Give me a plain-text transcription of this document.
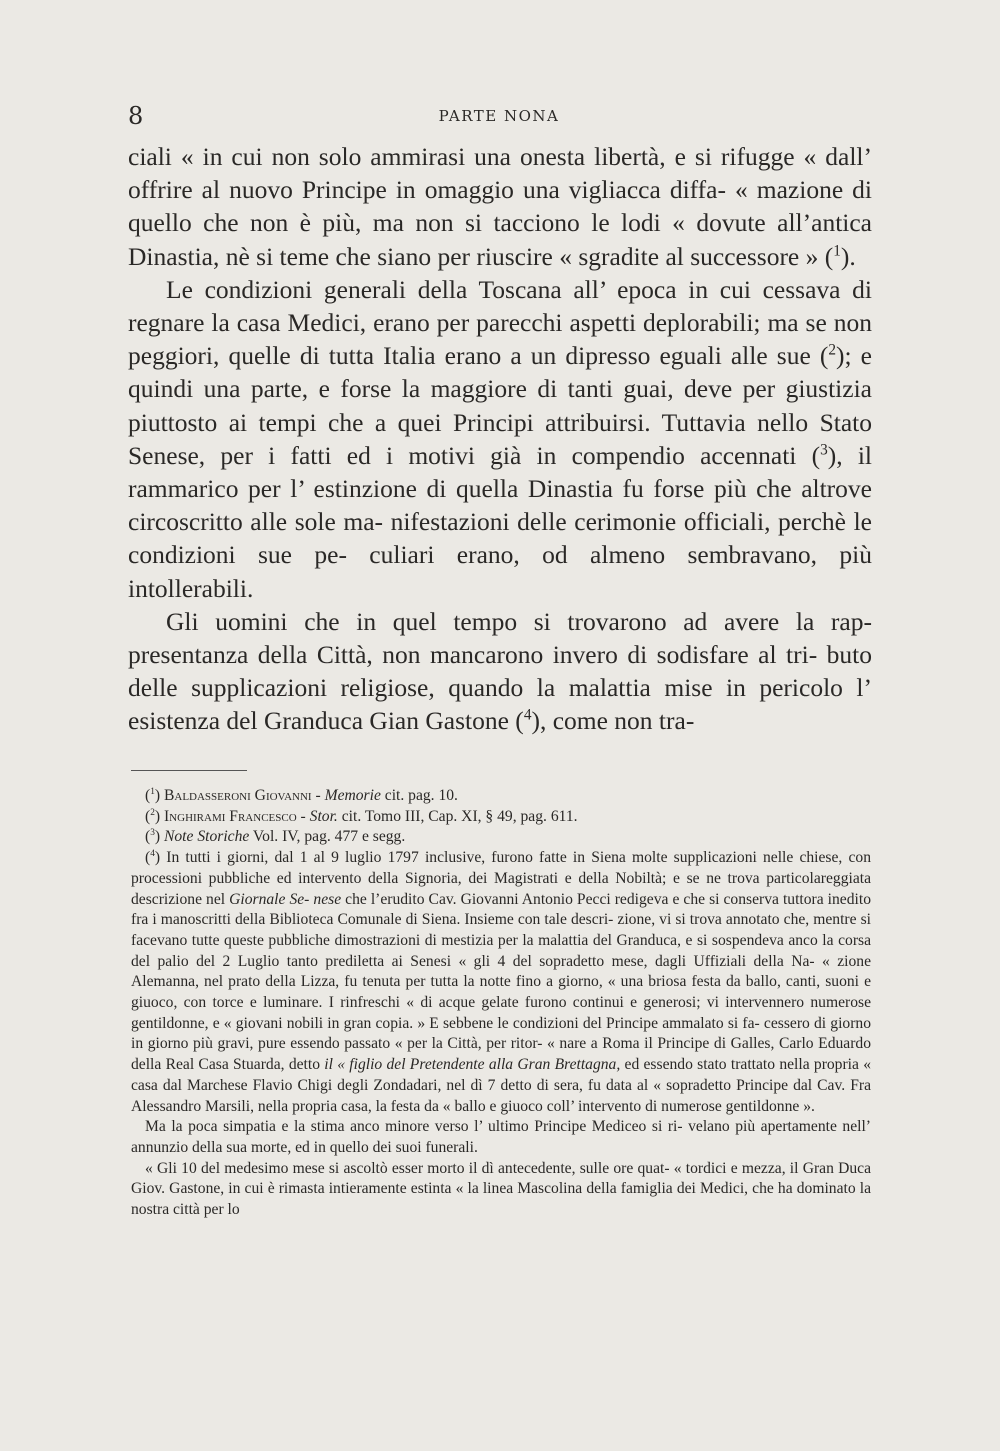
8	PARTE NONA

ciali « in cui non solo ammirasi una onesta libertà, e si rifugge « dall’ offrire al nuovo Principe in omaggio una vigliacca diffa- « mazione di quello che non è più, ma non si tacciono le lodi « dovute all’antica Dinastia, nè si teme che siano per riuscire « sgradite al successore » ($^1$).

Le condizioni generali della Toscana all’ epoca in cui cessava di regnare la casa Medici, erano per parecchi aspetti deplorabili; ma se non peggiori, quelle di tutta Italia erano a un dipresso eguali alle sue ($^2$); e quindi una parte, e forse la maggiore di tanti guai, deve per giustizia piuttosto ai tempi che a quei Principi attribuirsi. Tuttavia nello Stato Senese, per i fatti ed i motivi già in compendio accennati ($^3$), il rammarico per l’ estinzione di quella Dinastia fu forse più che altrove circoscritto alle sole ma- nifestazioni delle cerimonie officiali, perchè le condizioni sue pe- culiari erano, od almeno sembravano, più intollerabili.

Gli uomini che in quel tempo si trovarono ad avere la rap- presentanza della Città, non mancarono invero di sodisfare al tri- buto delle supplicazioni religiose, quando la malattia mise in pericolo l’ esistenza del Granduca Gian Gastone ($^4$), come non tra-

($^1$) Baldasseroni Giovanni - Memorie cit. pag. 10.

($^2$) Inghirami Francesco - Stor. cit. Tomo III, Cap. XI, § 49, pag. 611.

($^3$) Note Storiche Vol. IV, pag. 477 e segg.

($^4$) In tutti i giorni, dal 1 al 9 luglio 1797 inclusive, furono fatte in Siena molte supplicazioni nelle chiese, con processioni pubbliche ed intervento della Signoria, dei Magistrati e della Nobiltà; e se ne trova particolareggiata descrizione nel Giornale Se- nese che l’erudito Cav. Giovanni Antonio Pecci redigeva e che si conserva tuttora inedito fra i manoscritti della Biblioteca Comunale di Siena. Insieme con tale descri- zione, vi si trova annotato che, mentre si facevano tutte queste pubbliche dimostrazioni di mestizia per la malattia del Granduca, e si sospendeva anco la corsa del palio del 2 Luglio tanto prediletta ai Senesi « gli 4 del sopradetto mese, dagli Uffiziali della Na- « zione Alemanna, nel prato della Lizza, fu tenuta per tutta la notte fino a giorno, « una briosa festa da ballo, canti, suoni e giuoco, con torce e luminare. I rinfreschi « di acque gelate furono continui e generosi; vi intervennero numerose gentildonne, e « giovani nobili in gran copia. » E sebbene le condizioni del Principe ammalato si fa- cessero di giorno in giorno più gravi, pure essendo passato « per la Città, per ritor- « nare a Roma il Principe di Galles, Carlo Eduardo della Real Casa Stuarda, detto il « figlio del Pretendente alla Gran Brettagna, ed essendo stato trattato nella propria « casa dal Marchese Flavio Chigi degli Zondadari, nel dì 7 detto di sera, fu data al « sopradetto Principe dal Cav. Fra Alessandro Marsili, nella propria casa, la festa da « ballo e giuoco coll’ intervento di numerose gentildonne ».

Ma la poca simpatia e la stima anco minore verso l’ ultimo Principe Mediceo si ri- velano più apertamente nell’ annunzio della sua morte, ed in quello dei suoi funerali.

« Gli 10 del medesimo mese si ascoltò esser morto il dì antecedente, sulle ore quat- « tordici e mezza, il Gran Duca Giov. Gastone, in cui è rimasta intieramente estinta « la linea Mascolina della famiglia dei Medici, che ha dominato la nostra città per lo
